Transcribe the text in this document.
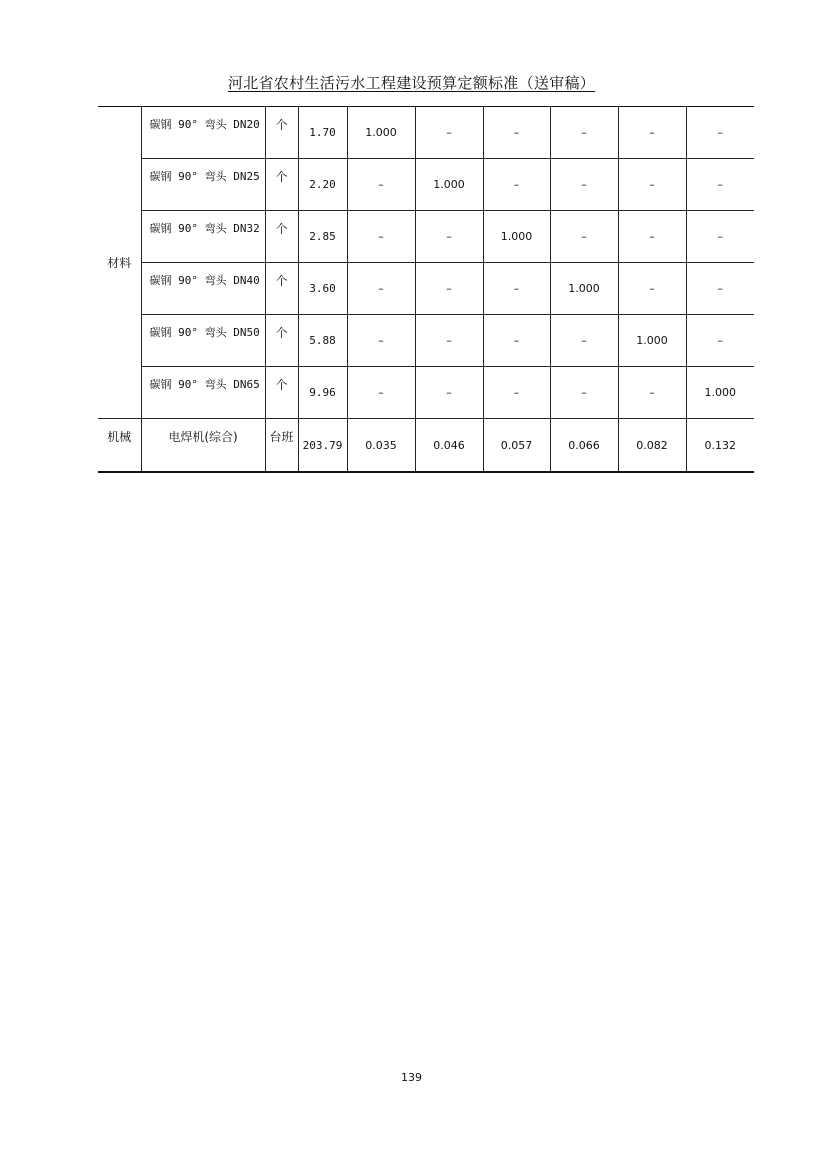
河北省农村生活污水工程建设预算定额标准（送审稿）
材料	碳钢 90° 弯头 DN20	个	1.70	1.000	–	–	–	–	–
	碳钢 90° 弯头 DN25	个	2.20	–	1.000	–	–	–	–
	碳钢 90° 弯头 DN32	个	2.85	–	–	1.000	–	–	–
	碳钢 90° 弯头 DN40	个	3.60	–	–	–	1.000	–	–
	碳钢 90° 弯头 DN50	个	5.88	–	–	–	–	1.000	–
	碳钢 90° 弯头 DN65	个	9.96	–	–	–	–	–	1.000
机械	电焊机(综合)	台班	203.79	0.035	0.046	0.057	0.066	0.082	0.132
139
